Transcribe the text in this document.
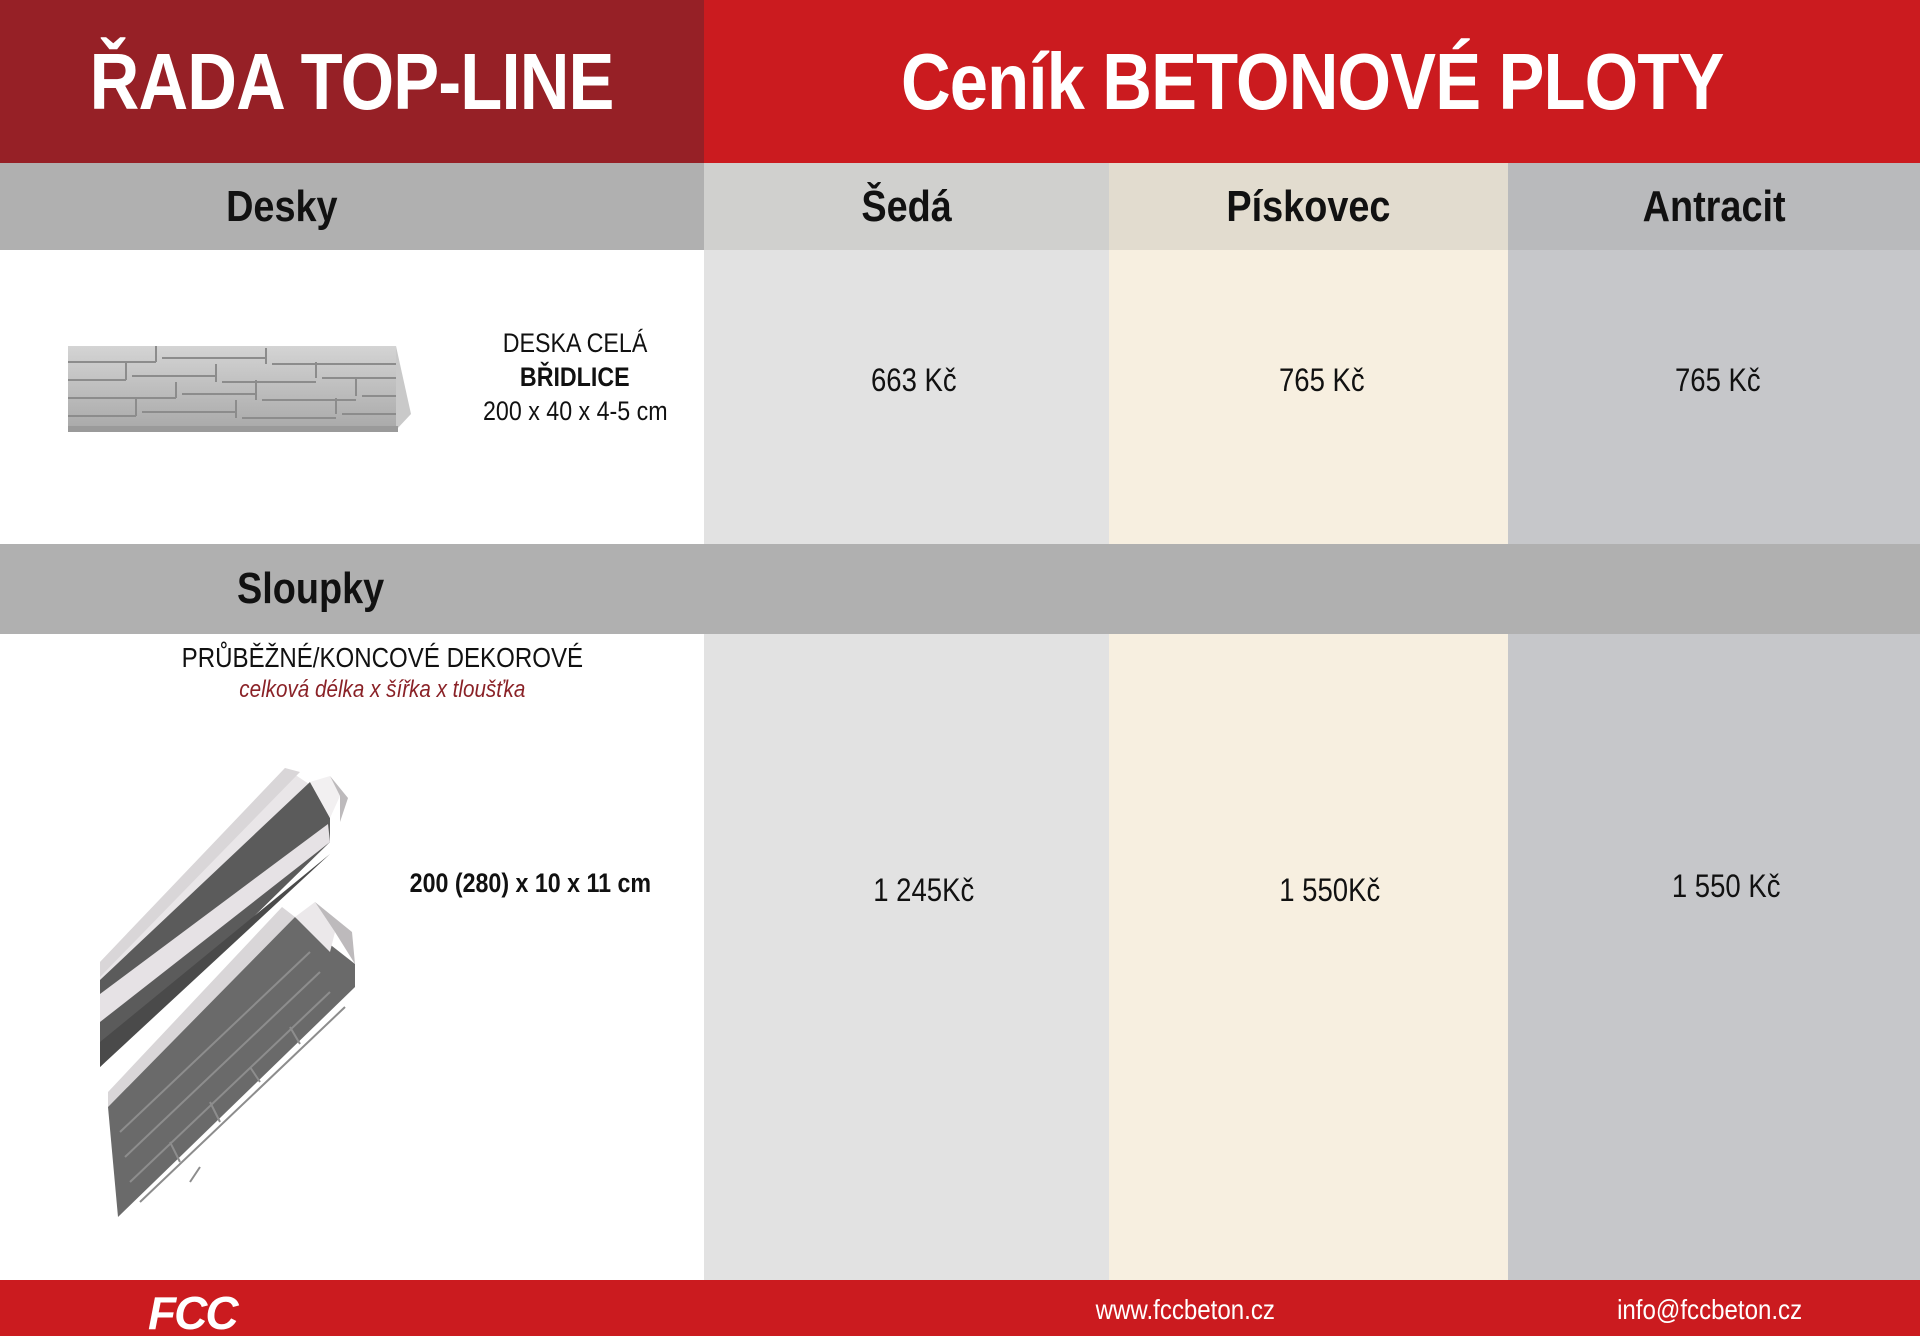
ŘADA TOP-LINE	Ceník BETONOVÉ PLOTY
Desky	Šedá	Pískovec	Antracit
DESKA CELÁ
BŘIDLICE
200 x 40 x 4-5 cm
663 Kč	765 Kč	765 Kč
Sloupky
PRŮBĚŽNÉ/KONCOVÉ DEKOROVÉ
celková délka x šířka x tloušťka
200 (280) x 10 x 11 cm	1 245Kč	1 550Kč	1 550 Kč
FCC	www.fccbeton.cz	info@fccbeton.cz
